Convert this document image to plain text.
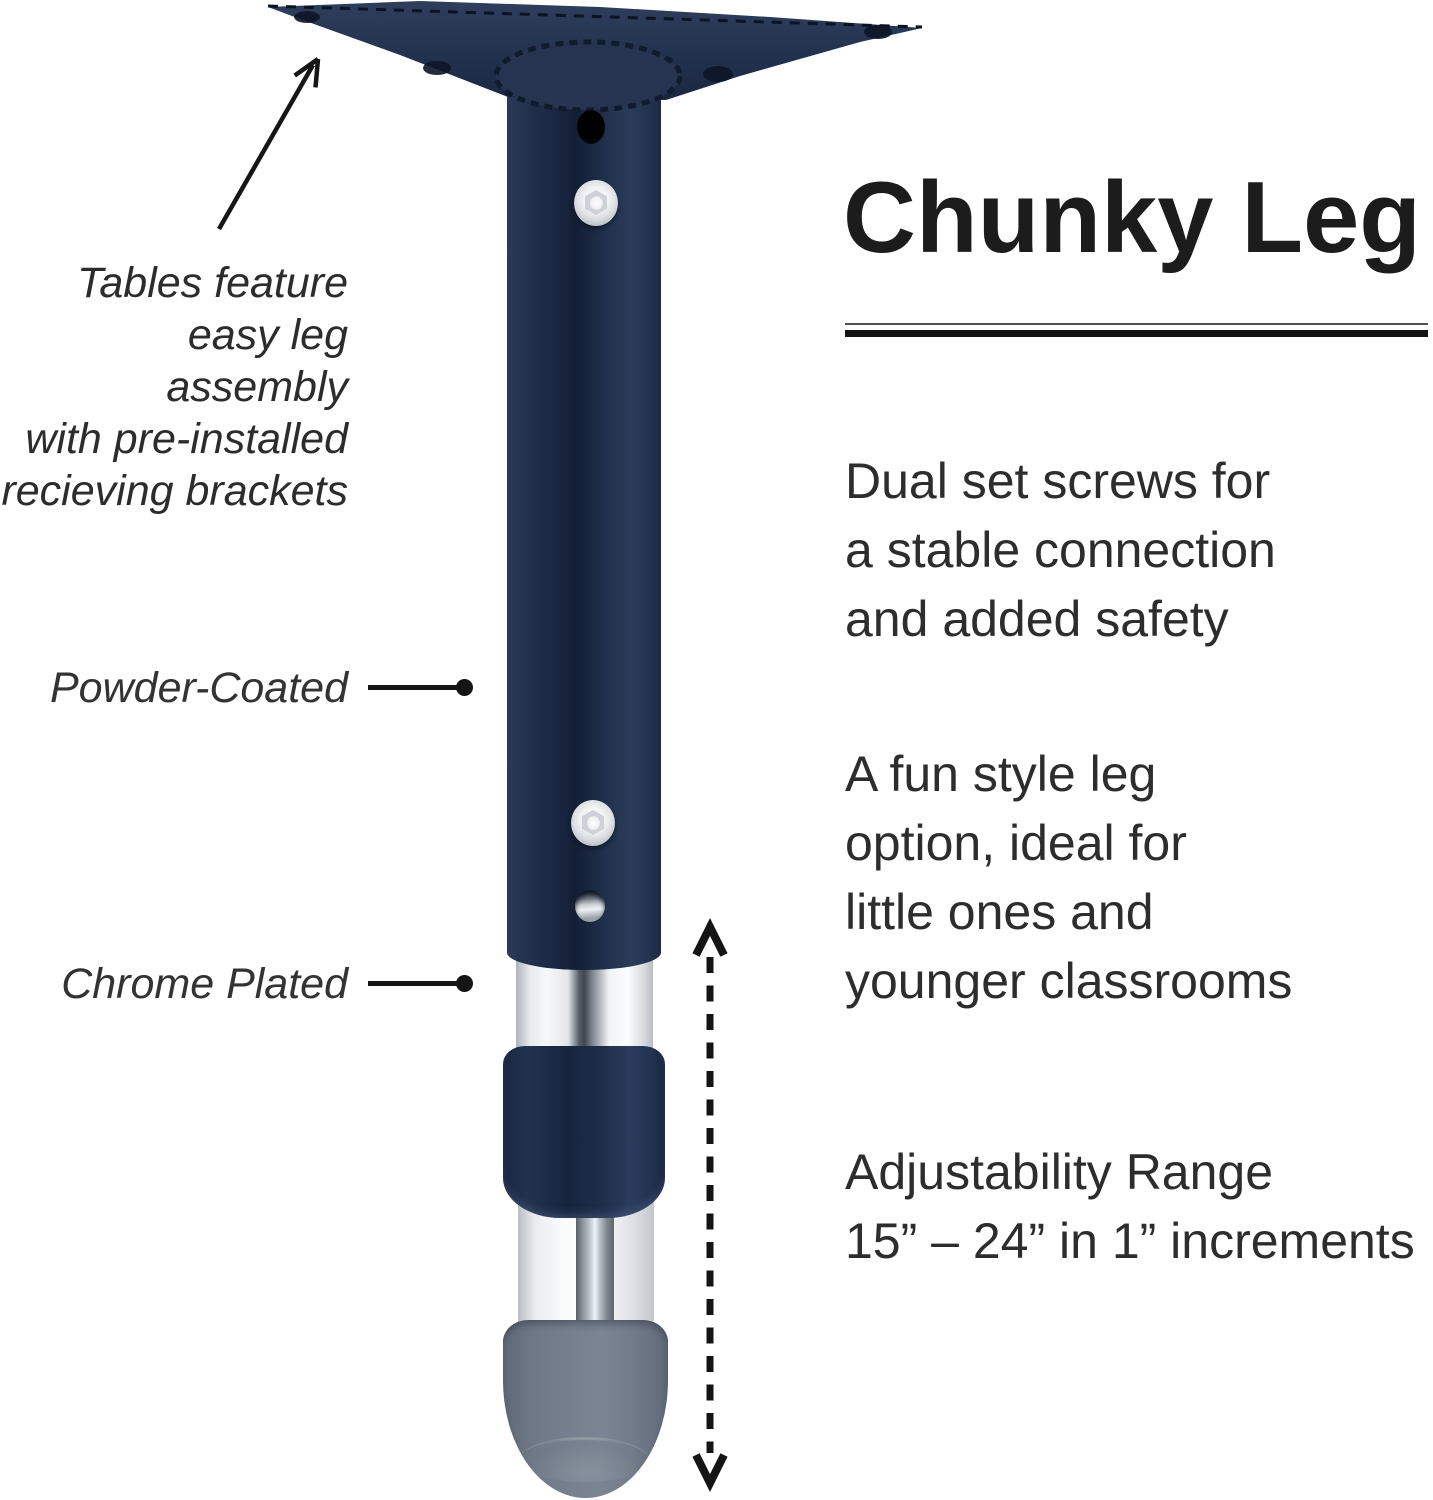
Tables feature
easy leg assembly
with pre-installed
recieving brackets
Powder-Coated
Chrome Plated
Chunky Leg
Dual set screws for
a stable connection
and added safety
A fun style leg
option, ideal for
little ones and
younger classrooms
Adjustability Range
15” – 24” in 1” increments
